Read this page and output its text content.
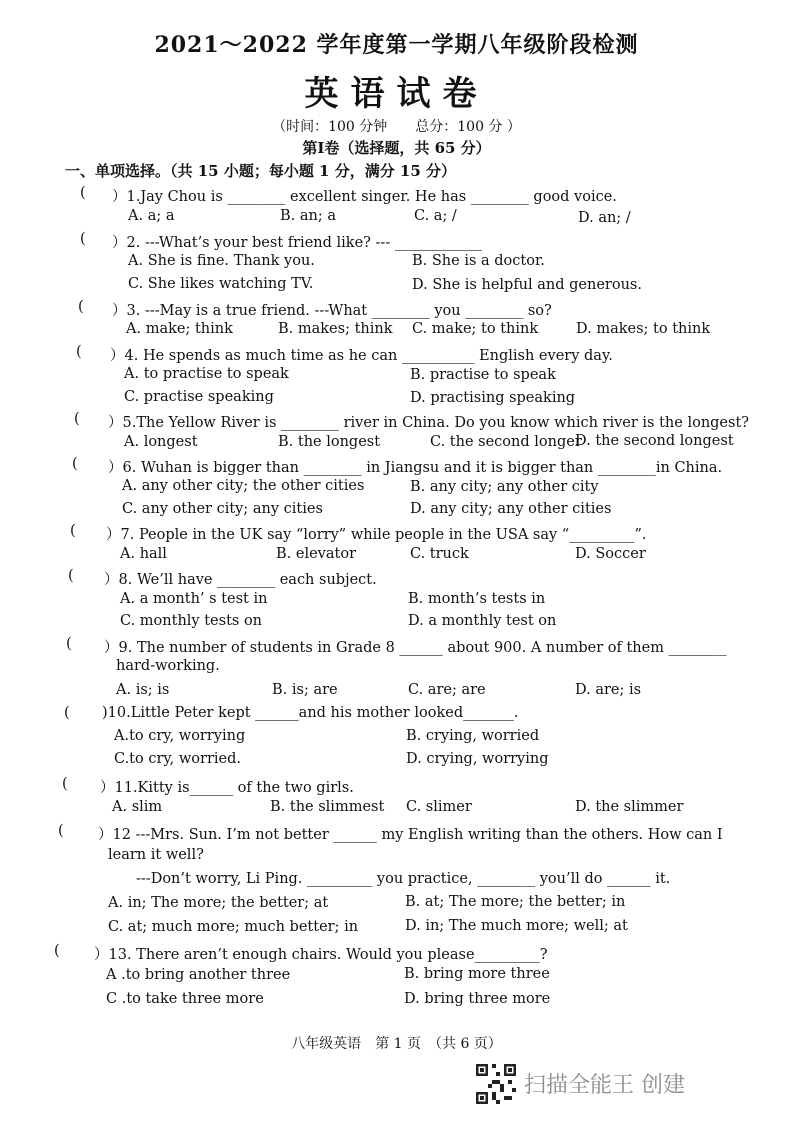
2021～2022 学年度第一学期八年级阶段检测
英语试卷
（时间：100 分钟　　总分：100 分 ）
第Ⅰ卷（选择题，共 65 分）
一、单项选择。（共 15 小题；每小题 1 分，满分 15 分）
( ）1.Jay Chou is ________ excellent singer. He has ________ good voice.
A. a; a	B. an; a	C. a; /	D. an; /
( ）2. ---What’s your best friend like? --- ____________
A. She is fine. Thank you.	B. She is a doctor.
C. She likes watching TV.	D. She is helpful and generous.
( ）3. ---May is a true friend. ---What ________ you ________ so?
A. make; think	B. makes; think C. make; to think	D. makes; to think
( ）4. He spends as much time as he can __________ English every day.
A. to practise to speak	B. practise to speak
C. practise speaking	D. practising speaking
( ）5.The Yellow River is ________ river in China. Do you know which river is the longest?
A. longest	B. the longest	C. the second longer
D. the second longest
( ）6. Wuhan is bigger than ________ in Jiangsu and it is bigger than ________in China.
A. any other city; the other cities	B. any city; any other city
C. any other city; any cities	D. any city; any other cities
( ）7. People in the UK say “lorry” while people in the USA say “_________”.
A. hall	B. elevator	C. truck	D. Soccer
( ）8. We’ll have ________ each subject.
A. a month’ s test in	B. month’s tests in
C. monthly tests on	D. a monthly test on
( ）9. The number of students in Grade 8 ______ about 900. A number of them ________
hard-working.
A. is; is	B. is; are	C. are; are	D. are; is
( )10.Little Peter kept ______and his mother looked_______.
A.to cry, worrying	B. crying, worried
C.to cry, worried.	D. crying, worrying
( ）11.Kitty is______ of the two girls.
A. slim	B. the slimmest C. slimer	D. the slimmer
( ）12 ---Mrs. Sun. I’m not better ______ my English writing than the others. How can I
learn it well?
---Don’t worry, Li Ping. _________ you practice, ________ you’ll do ______ it.
A. in; The more; the better; at	B. at; The more; the better; in
C. at; much more; much better; in	D. in; The much more; well; at
( ）13. There aren’t enough chairs. Would you please_________?
A .to bring another three	B. bring more three
C .to take three more	D. bring three more
八年级英语　第 1 页　（共 6 页）
扫描全能王 创建
